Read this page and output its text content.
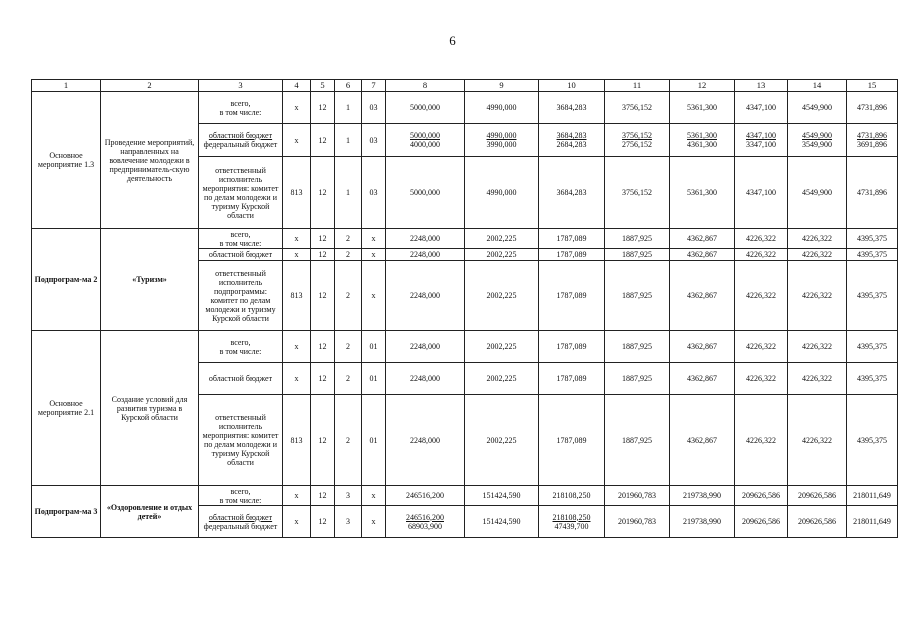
6
1	2	3	4	5	6	7	8	9	10	11	12	13	14	15
Основное мероприятие 1.3	Проведение мероприятий, направленных на вовлечение молодежи в предприниматель-скую деятельность	всего,
в том числе:	x	12	1	03	5000,000	4990,000	3684,283	3756,152	5361,300	4347,100	4549,900	4731,896

		областной бюджет
федеральный бюджет	x	12	1	03	5000,000
4000,000	4990,000
3990,000	3684,283
2684,283	3756,152
2756,152	5361,300
4361,300	4347,100
3347,100	4549,900
3549,900	4731,896
3691,896

		ответственный исполнитель мероприятия: комитет по делам молодежи и туризму Курской области	813	12	1	03	5000,000	4990,000	3684,283	3756,152	5361,300	4347,100	4549,900	4731,896

Подпрограм-ма 2	«Туризм»	всего,
в том числе:	x	12	2	x	2248,000	2002,225	1787,089	1887,925	4362,867	4226,322	4226,322	4395,375

		областной бюджет	x	12	2	x	2248,000	2002,225	1787,089	1887,925	4362,867	4226,322	4226,322	4395,375

		ответственный исполнитель подпрограммы: комитет по делам молодежи и туризму Курской области	813	12	2	x	2248,000	2002,225	1787,089	1887,925	4362,867	4226,322	4226,322	4395,375

Основное мероприятие 2.1	Создание условий для развития туризма в Курской области	всего,
в том числе:	x	12	2	01	2248,000	2002,225	1787,089	1887,925	4362,867	4226,322	4226,322	4395,375

		областной бюджет	x	12	2	01	2248,000	2002,225	1787,089	1887,925	4362,867	4226,322	4226,322	4395,375

		ответственный исполнитель мероприятия: комитет по делам молодежи и туризму Курской области	813	12	2	01	2248,000	2002,225	1787,089	1887,925	4362,867	4226,322	4226,322	4395,375

Подпрограм-ма 3	«Оздоровление и отдых детей»	всего,
в том числе:	x	12	3	x	246516,200	151424,590	218108,250	201960,783	219738,990	209626,586	209626,586	218011,649

		областной бюджет
федеральный бюджет	x	12	3	x	246516,200
68903,900	151424,590	218108,250
47439,700	201960,783	219738,990	209626,586	209626,586	218011,649
